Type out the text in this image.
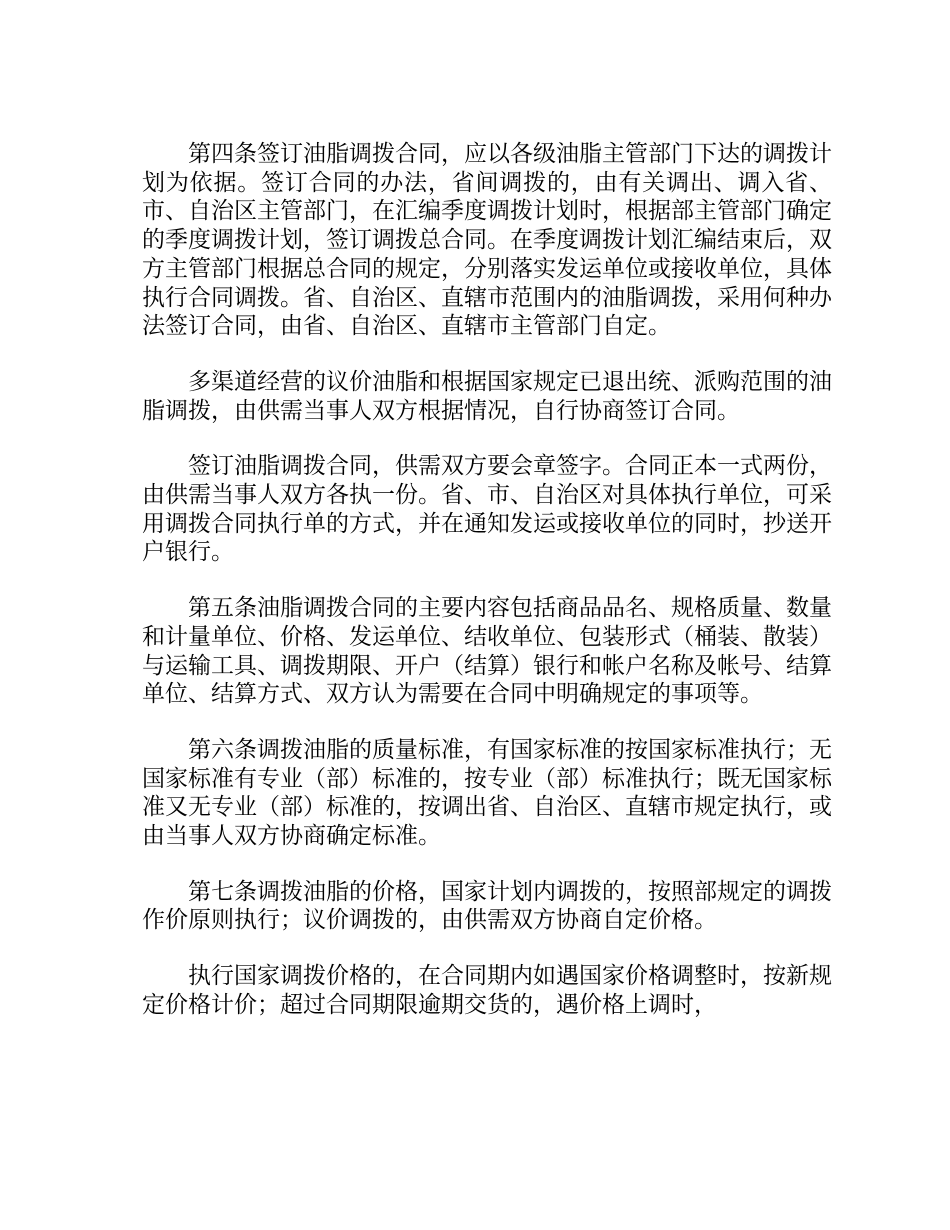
第四条签订油脂调拨合同，应以各级油脂主管部门下达的调拨计划为依据。签订合同的办法，省间调拨的，由有关调出、调入省、市、自治区主管部门，在汇编季度调拨计划时，根据部主管部门确定的季度调拨计划，签订调拨总合同。在季度调拨计划汇编结束后，双方主管部门根据总合同的规定，分别落实发运单位或接收单位，具体执行合同调拨。省、自治区、直辖市范围内的油脂调拨，采用何种办法签订合同，由省、自治区、直辖市主管部门自定。

多渠道经营的议价油脂和根据国家规定已退出统、派购范围的油脂调拨，由供需当事人双方根据情况，自行协商签订合同。

签订油脂调拨合同，供需双方要会章签字。合同正本一式两份，由供需当事人双方各执一份。省、市、自治区对具体执行单位，可采用调拨合同执行单的方式，并在通知发运或接收单位的同时，抄送开户银行。

第五条油脂调拨合同的主要内容包括商品品名、规格质量、数量和计量单位、价格、发运单位、结收单位、包装形式（桶装、散装）与运输工具、调拨期限、开户（结算）银行和帐户名称及帐号、结算单位、结算方式、双方认为需要在合同中明确规定的事项等。

第六条调拨油脂的质量标准，有国家标准的按国家标准执行；无国家标准有专业（部）标准的，按专业（部）标准执行；既无国家标准又无专业（部）标准的，按调出省、自治区、直辖市规定执行，或由当事人双方协商确定标准。

第七条调拨油脂的价格，国家计划内调拨的，按照部规定的调拨作价原则执行；议价调拨的，由供需双方协商自定价格。

执行国家调拨价格的，在合同期内如遇国家价格调整时，按新规定价格计价；超过合同期限逾期交货的，遇价格上调时，
